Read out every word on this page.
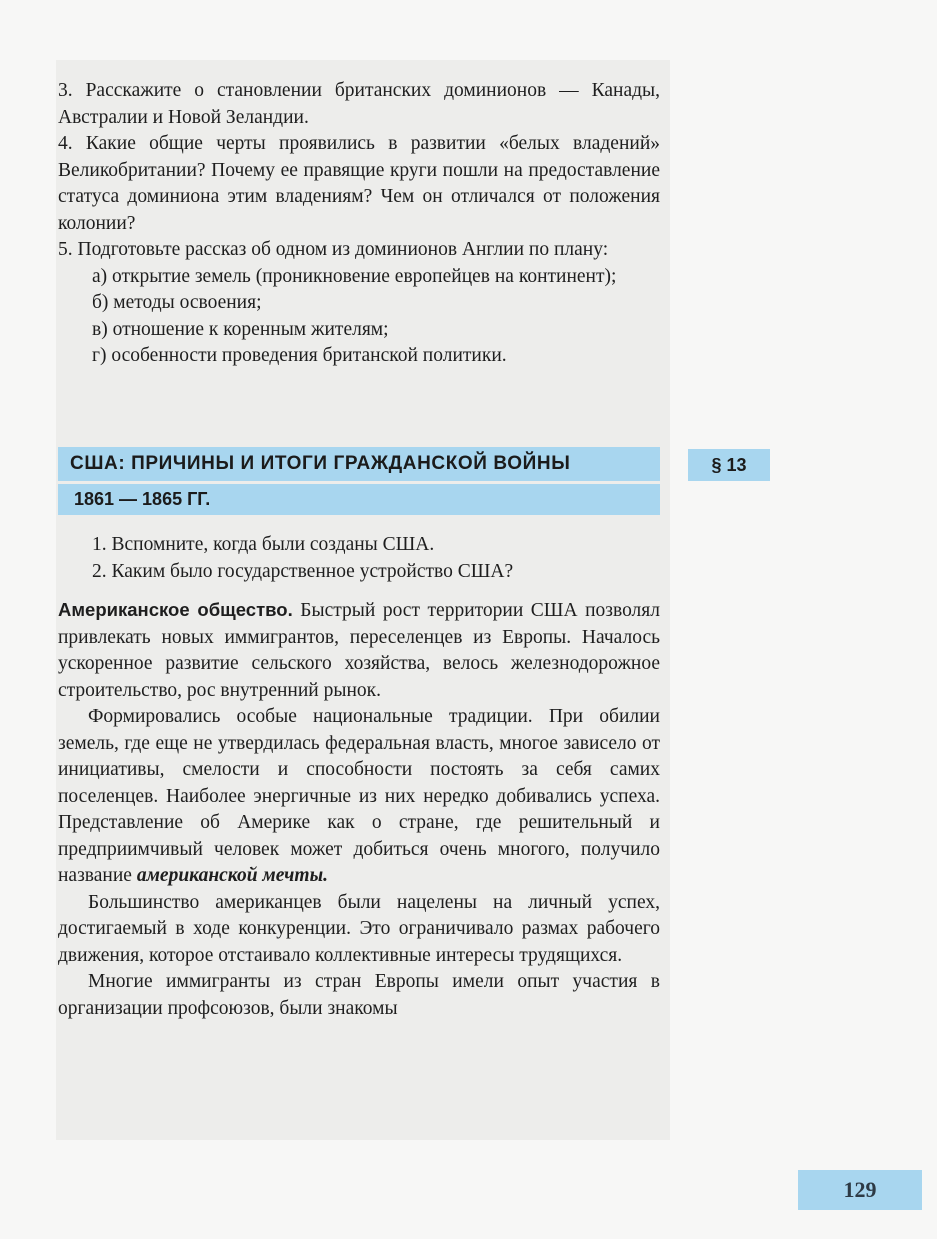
3. Расскажите о становлении британских доминионов — Канады, Австралии и Новой Зеландии.

4. Какие общие черты проявились в развитии «белых владений» Великобритании? Почему ее правящие круги пошли на предоставление статуса доминиона этим владениям? Чем он отличался от положения колонии?

5. Подготовьте рассказ об одном из доминионов Англии по плану:

а) открытие земель (проникновение европейцев на континент);

б) методы освоения;

в) отношение к коренным жителям;

г) особенности проведения британской политики.

США: ПРИЧИНЫ И ИТОГИ ГРАЖДАНСКОЙ ВОЙНЫ
1861 — 1865 ГГ.
§ 13

1. Вспомните, когда были созданы США.

2. Каким было государственное устройство США?

Американское общество. Быстрый рост территории США позволял привлекать новых иммигрантов, переселенцев из Европы. Началось ускоренное развитие сельского хозяйства, велось железнодорожное строительство, рос внутренний рынок.

Формировались особые национальные традиции. При обилии земель, где еще не утвердилась федеральная власть, многое зависело от инициативы, смелости и способности постоять за себя самих поселенцев. Наиболее энергичные из них нередко добивались успеха. Представление об Америке как о стране, где решительный и предприимчивый человек может добиться очень многого, получило название американской мечты.

Большинство американцев были нацелены на личный успех, достигаемый в ходе конкуренции. Это ограничивало размах рабочего движения, которое отстаивало коллективные интересы трудящихся.

Многие иммигранты из стран Европы имели опыт участия в организации профсоюзов, были знакомы

129
